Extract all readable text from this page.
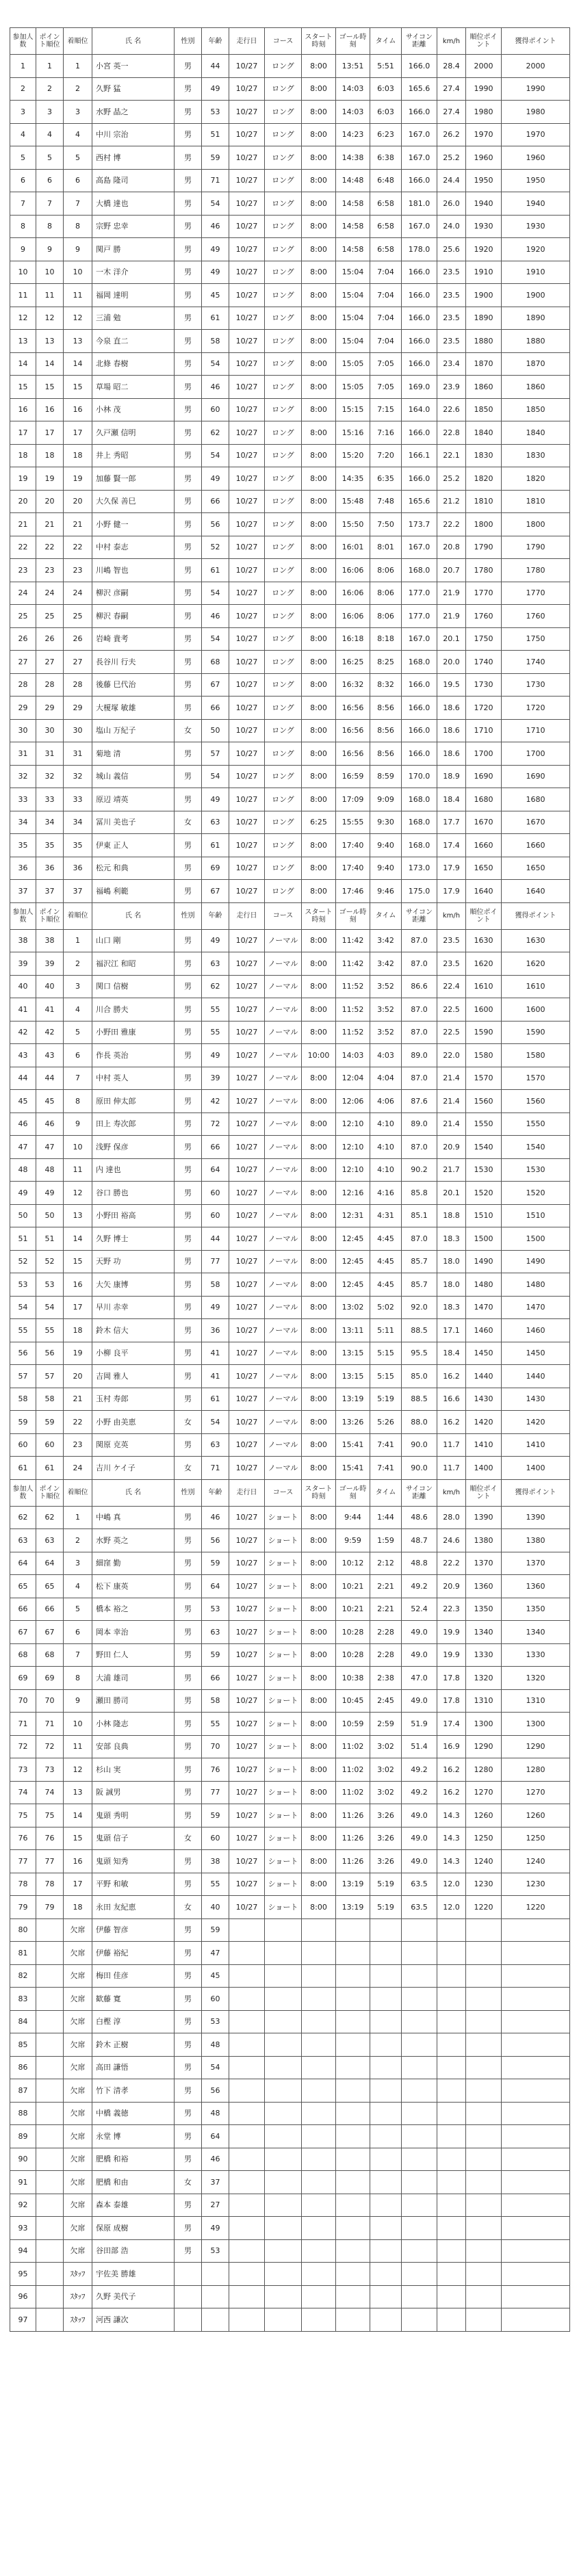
参加人数	ポイント順位	着順位	氏 名	性別	年齢	走行日	コース	スタート時刻	ゴール時刻	タイム	サイコン距離	km/h	順位ポイント	獲得ポイント
1	1	1	小宮 英一	男	44	10/27	ロング	8:00	13:51	5:51	166.0	28.4	2000	2000
2	2	2	久野 猛	男	49	10/27	ロング	8:00	14:03	6:03	165.6	27.4	1990	1990
3	3	3	水野 晶之	男	53	10/27	ロング	8:00	14:03	6:03	166.0	27.4	1980	1980
4	4	4	中川 宗治	男	51	10/27	ロング	8:00	14:23	6:23	167.0	26.2	1970	1970
5	5	5	西村 博	男	59	10/27	ロング	8:00	14:38	6:38	167.0	25.2	1960	1960
6	6	6	高島 隆司	男	71	10/27	ロング	8:00	14:48	6:48	166.0	24.4	1950	1950
7	7	7	大橋 達也	男	54	10/27	ロング	8:00	14:58	6:58	181.0	26.0	1940	1940
8	8	8	宗野 忠幸	男	46	10/27	ロング	8:00	14:58	6:58	167.0	24.0	1930	1930
9	9	9	関戸 勝	男	49	10/27	ロング	8:00	14:58	6:58	178.0	25.6	1920	1920
10	10	10	一木 洋介	男	49	10/27	ロング	8:00	15:04	7:04	166.0	23.5	1910	1910
11	11	11	福岡 達明	男	45	10/27	ロング	8:00	15:04	7:04	166.0	23.5	1900	1900
12	12	12	三浦 勉	男	61	10/27	ロング	8:00	15:04	7:04	166.0	23.5	1890	1890
13	13	13	今泉 直二	男	58	10/27	ロング	8:00	15:04	7:04	166.0	23.5	1880	1880
14	14	14	北條 春樹	男	54	10/27	ロング	8:00	15:05	7:05	166.0	23.4	1870	1870
15	15	15	草場 昭二	男	46	10/27	ロング	8:00	15:05	7:05	169.0	23.9	1860	1860
16	16	16	小林 茂	男	60	10/27	ロング	8:00	15:15	7:15	164.0	22.6	1850	1850
17	17	17	久戸瀬 信明	男	62	10/27	ロング	8:00	15:16	7:16	166.0	22.8	1840	1840
18	18	18	井上 秀昭	男	54	10/27	ロング	8:00	15:20	7:20	166.1	22.1	1830	1830
19	19	19	加藤 賢一郎	男	49	10/27	ロング	8:00	14:35	6:35	166.0	25.2	1820	1820
20	20	20	大久保 善巳	男	66	10/27	ロング	8:00	15:48	7:48	165.6	21.2	1810	1810
21	21	21	小野 健一	男	56	10/27	ロング	8:00	15:50	7:50	173.7	22.2	1800	1800
22	22	22	中村 泰志	男	52	10/27	ロング	8:00	16:01	8:01	167.0	20.8	1790	1790
23	23	23	川嶋 智也	男	61	10/27	ロング	8:00	16:06	8:06	168.0	20.7	1780	1780
24	24	24	柳沢 彦嗣	男	54	10/27	ロング	8:00	16:06	8:06	177.0	21.9	1770	1770
25	25	25	柳沢 春嗣	男	46	10/27	ロング	8:00	16:06	8:06	177.0	21.9	1760	1760
26	26	26	岩崎 貴考	男	54	10/27	ロング	8:00	16:18	8:18	167.0	20.1	1750	1750
27	27	27	長谷川 行夫	男	68	10/27	ロング	8:00	16:25	8:25	168.0	20.0	1740	1740
28	28	28	後藤 巳代治	男	67	10/27	ロング	8:00	16:32	8:32	166.0	19.5	1730	1730
29	29	29	大榎塚 敏雄	男	66	10/27	ロング	8:00	16:56	8:56	166.0	18.6	1720	1720
30	30	30	塩山 万紀子	女	50	10/27	ロング	8:00	16:56	8:56	166.0	18.6	1710	1710
31	31	31	菊地 清	男	57	10/27	ロング	8:00	16:56	8:56	166.0	18.6	1700	1700
32	32	32	城山 義信	男	54	10/27	ロング	8:00	16:59	8:59	170.0	18.9	1690	1690
33	33	33	原辺 靖英	男	49	10/27	ロング	8:00	17:09	9:09	168.0	18.4	1680	1680
34	34	34	冨川 美也子	女	63	10/27	ロング	6:25	15:55	9:30	168.0	17.7	1670	1670
35	35	35	伊東 正人	男	61	10/27	ロング	8:00	17:40	9:40	168.0	17.4	1660	1660
36	36	36	松元 和典	男	69	10/27	ロング	8:00	17:40	9:40	173.0	17.9	1650	1650
37	37	37	福嶋 利範	男	67	10/27	ロング	8:00	17:46	9:46	175.0	17.9	1640	1640
参加人数	ポイント順位	着順位	氏 名	性別	年齢	走行日	コース	スタート時刻	ゴール時刻	タイム	サイコン距離	km/h	順位ポイント	獲得ポイント
38	38	1	山口 剛	男	49	10/27	ノーマル	8:00	11:42	3:42	87.0	23.5	1630	1630
39	39	2	福沢江 和昭	男	63	10/27	ノーマル	8:00	11:42	3:42	87.0	23.5	1620	1620
40	40	3	関口 信樹	男	62	10/27	ノーマル	8:00	11:52	3:52	86.6	22.4	1610	1610
41	41	4	川合 勝夫	男	55	10/27	ノーマル	8:00	11:52	3:52	87.0	22.5	1600	1600
42	42	5	小野田 雅康	男	55	10/27	ノーマル	8:00	11:52	3:52	87.0	22.5	1590	1590
43	43	6	作長 英治	男	49	10/27	ノーマル	10:00	14:03	4:03	89.0	22.0	1580	1580
44	44	7	中村 英人	男	39	10/27	ノーマル	8:00	12:04	4:04	87.0	21.4	1570	1570
45	45	8	原田 伸太郎	男	42	10/27	ノーマル	8:00	12:06	4:06	87.6	21.4	1560	1560
46	46	9	田上 寿次郎	男	72	10/27	ノーマル	8:00	12:10	4:10	89.0	21.4	1550	1550
47	47	10	浅野 保彦	男	66	10/27	ノーマル	8:00	12:10	4:10	87.0	20.9	1540	1540
48	48	11	内 達也	男	64	10/27	ノーマル	8:00	12:10	4:10	90.2	21.7	1530	1530
49	49	12	谷口 勝也	男	60	10/27	ノーマル	8:00	12:16	4:16	85.8	20.1	1520	1520
50	50	13	小野田 裕高	男	60	10/27	ノーマル	8:00	12:31	4:31	85.1	18.8	1510	1510
51	51	14	久野 博士	男	44	10/27	ノーマル	8:00	12:45	4:45	87.0	18.3	1500	1500
52	52	15	天野 功	男	77	10/27	ノーマル	8:00	12:45	4:45	85.7	18.0	1490	1490
53	53	16	大矢 康博	男	58	10/27	ノーマル	8:00	12:45	4:45	85.7	18.0	1480	1480
54	54	17	早川 赤幸	男	49	10/27	ノーマル	8:00	13:02	5:02	92.0	18.3	1470	1470
55	55	18	鈴木 信大	男	36	10/27	ノーマル	8:00	13:11	5:11	88.5	17.1	1460	1460
56	56	19	小柳 良平	男	41	10/27	ノーマル	8:00	13:15	5:15	95.5	18.4	1450	1450
57	57	20	吉岡 雅人	男	41	10/27	ノーマル	8:00	13:15	5:15	85.0	16.2	1440	1440
58	58	21	玉村 寿郎	男	61	10/27	ノーマル	8:00	13:19	5:19	88.5	16.6	1430	1430
59	59	22	小野 由美恵	女	54	10/27	ノーマル	8:00	13:26	5:26	88.0	16.2	1420	1420
60	60	23	関原 克英	男	63	10/27	ノーマル	8:00	15:41	7:41	90.0	11.7	1410	1410
61	61	24	吉川 ケイ子	女	71	10/27	ノーマル	8:00	15:41	7:41	90.0	11.7	1400	1400
参加人数	ポイント順位	着順位	氏 名	性別	年齢	走行日	コース	スタート時刻	ゴール時刻	タイム	サイコン距離	km/h	順位ポイント	獲得ポイント
62	62	1	中嶋 真	男	46	10/27	ショート	8:00	9:44	1:44	48.6	28.0	1390	1390
63	63	2	水野 英之	男	56	10/27	ショート	8:00	9:59	1:59	48.7	24.6	1380	1380
64	64	3	細窪 勤	男	59	10/27	ショート	8:00	10:12	2:12	48.8	22.2	1370	1370
65	65	4	松下 康英	男	64	10/27	ショート	8:00	10:21	2:21	49.2	20.9	1360	1360
66	66	5	橋本 裕之	男	53	10/27	ショート	8:00	10:21	2:21	52.4	22.3	1350	1350
67	67	6	岡本 幸治	男	63	10/27	ショート	8:00	10:28	2:28	49.0	19.9	1340	1340
68	68	7	野田 仁人	男	59	10/27	ショート	8:00	10:28	2:28	49.0	19.9	1330	1330
69	69	8	大浦 雄司	男	66	10/27	ショート	8:00	10:38	2:38	47.0	17.8	1320	1320
70	70	9	瀬田 勝司	男	58	10/27	ショート	8:00	10:45	2:45	49.0	17.8	1310	1310
71	71	10	小林 隆志	男	55	10/27	ショート	8:00	10:59	2:59	51.9	17.4	1300	1300
72	72	11	安部 良典	男	70	10/27	ショート	8:00	11:02	3:02	51.4	16.9	1290	1290
73	73	12	杉山 実	男	76	10/27	ショート	8:00	11:02	3:02	49.2	16.2	1280	1280
74	74	13	阪 誠男	男	77	10/27	ショート	8:00	11:02	3:02	49.2	16.2	1270	1270
75	75	14	鬼頭 秀明	男	59	10/27	ショート	8:00	11:26	3:26	49.0	14.3	1260	1260
76	76	15	鬼頭 信子	女	60	10/27	ショート	8:00	11:26	3:26	49.0	14.3	1250	1250
77	77	16	鬼頭 知秀	男	38	10/27	ショート	8:00	11:26	3:26	49.0	14.3	1240	1240
78	78	17	平野 和敏	男	55	10/27	ショート	8:00	13:19	5:19	63.5	12.0	1230	1230
79	79	18	永田 友紀恵	女	40	10/27	ショート	8:00	13:19	5:19	63.5	12.0	1220	1220
80		欠席	伊藤 智彦	男	59									
81		欠席	伊藤 裕紀	男	47									
82		欠席	梅田 佳彦	男	45									
83		欠席	歓藤 寛	男	60									
84		欠席	白樫 淳	男	53									
85		欠席	鈴木 正樹	男	48									
86		欠席	高田 謙悟	男	54									
87		欠席	竹下 清孝	男	56									
88		欠席	中橋 義徳	男	48									
89		欠席	永堂 博	男	64									
90		欠席	肥橋 和裕	男	46									
91		欠席	肥橋 和由	女	37									
92		欠席	森本 泰雄	男	27									
93		欠席	保原 成樹	男	49									
94		欠席	谷田部 浩	男	53									
95		ｽﾀｯﾌ	宇佐美 勝雄											
96		ｽﾀｯﾌ	久野 美代子											
97		ｽﾀｯﾌ	河西 謙次											
